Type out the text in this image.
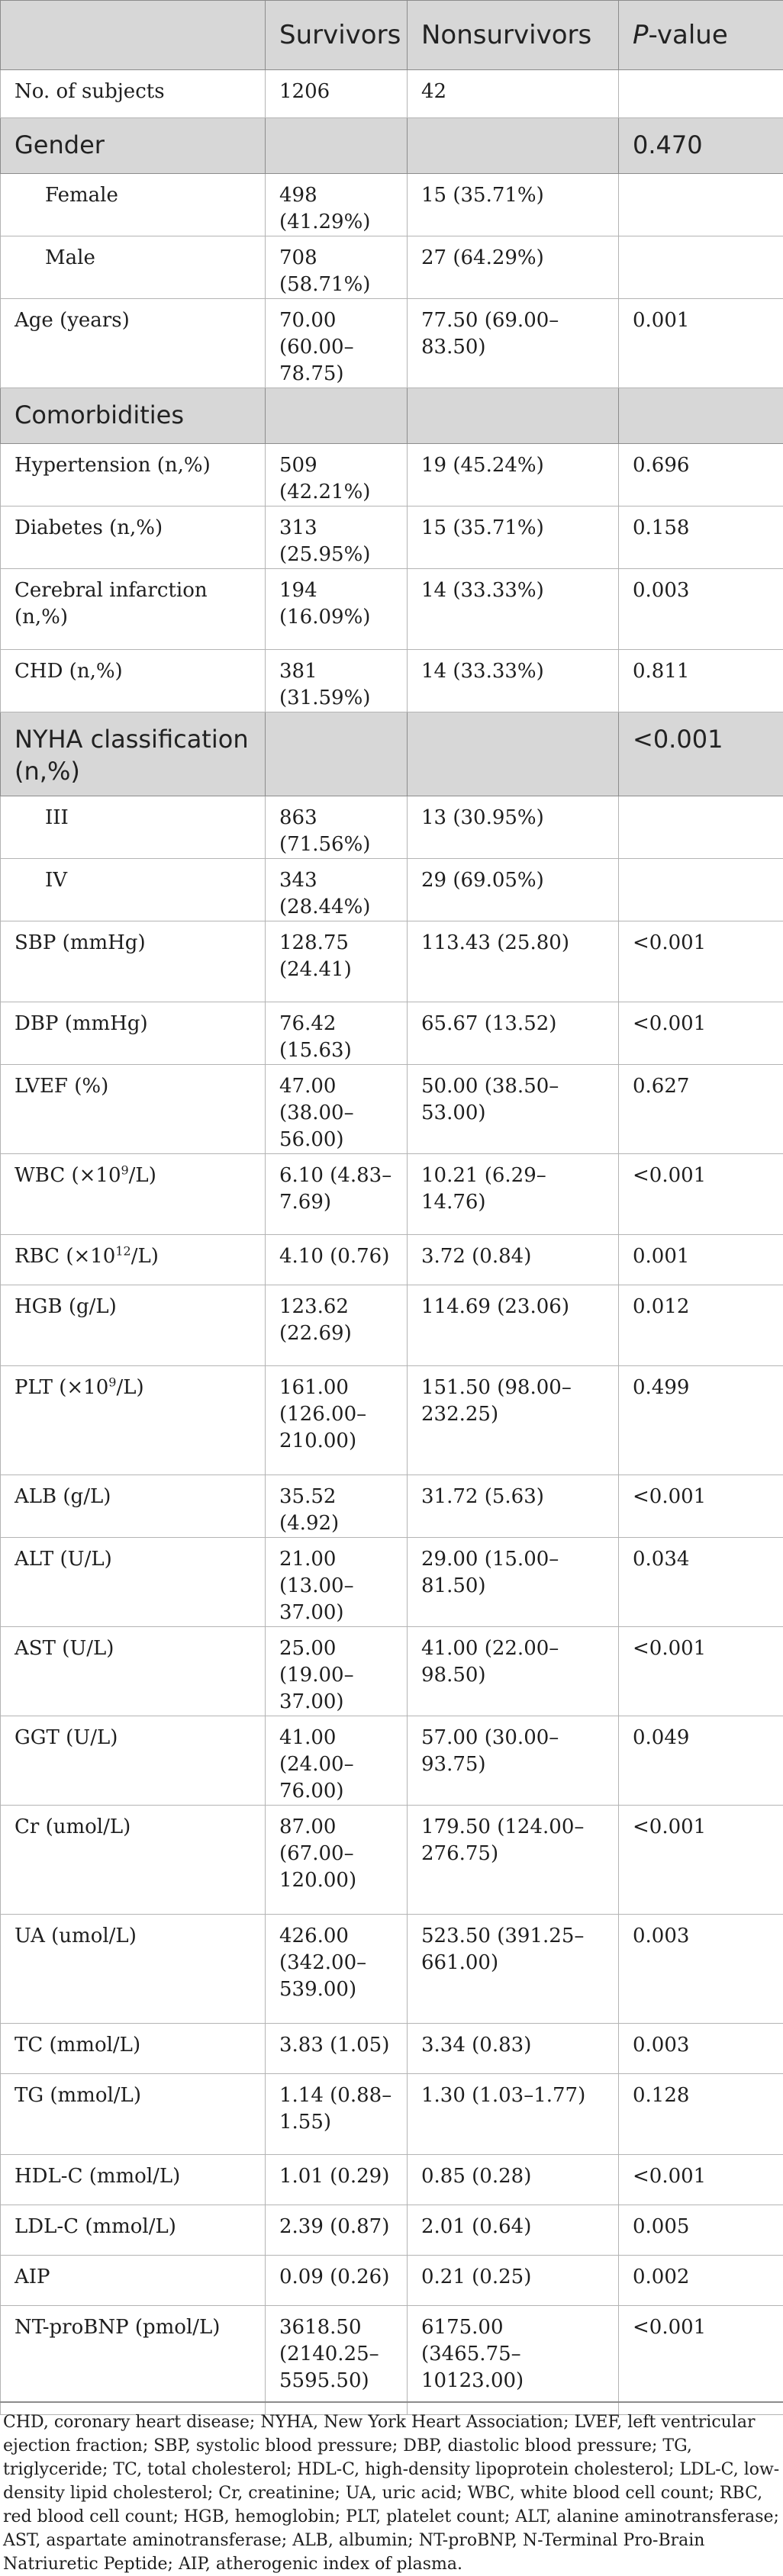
	Survivors	Nonsurvivors	P-value
No. of subjects	1206	42	
Gender			0.470
Female	498 (41.29%)	15 (35.71%)	
Male	708 (58.71%)	27 (64.29%)	
Age (years)	70.00 (60.00–78.75)	77.50 (69.00–83.50)	0.001
Comorbidities			
Hypertension (n,%)	509 (42.21%)	19 (45.24%)	0.696
Diabetes (n,%)	313 (25.95%)	15 (35.71%)	0.158
Cerebral infarction (n,%)	194 (16.09%)	14 (33.33%)	0.003
CHD (n,%)	381 (31.59%)	14 (33.33%)	0.811
NYHA classification (n,%)			<0.001
III	863 (71.56%)	13 (30.95%)	
IV	343 (28.44%)	29 (69.05%)	
SBP (mmHg)	128.75 (24.41)	113.43 (25.80)	<0.001
DBP (mmHg)	76.42 (15.63)	65.67 (13.52)	<0.001
LVEF (%)	47.00 (38.00–56.00)	50.00 (38.50–53.00)	0.627
WBC $(\times 10^9/L)$	6.10 (4.83–7.69)	10.21 (6.29–14.76)	<0.001
RBC $(\times 10^{12}/L)$	4.10 (0.76)	3.72 (0.84)	0.001
HGB (g/L)	123.62 (22.69)	114.69 (23.06)	0.012
PLT $(\times 10^9/L)$	161.00 (126.00–210.00)	151.50 (98.00–232.25)	0.499
ALB (g/L)	35.52 (4.92)	31.72 (5.63)	<0.001
ALT (U/L)	21.00 (13.00–37.00)	29.00 (15.00–81.50)	0.034
AST (U/L)	25.00 (19.00–37.00)	41.00 (22.00–98.50)	<0.001
GGT (U/L)	41.00 (24.00–76.00)	57.00 (30.00–93.75)	0.049
Cr (umol/L)	87.00 (67.00–120.00)	179.50 (124.00–276.75)	<0.001
UA (umol/L)	426.00 (342.00–539.00)	523.50 (391.25–661.00)	0.003
TC (mmol/L)	3.83 (1.05)	3.34 (0.83)	0.003
TG (mmol/L)	1.14 (0.88–1.55)	1.30 (1.03–1.77)	0.128
HDL-C (mmol/L)	1.01 (0.29)	0.85 (0.28)	<0.001
LDL-C (mmol/L)	2.39 (0.87)	2.01 (0.64)	0.005
AIP	0.09 (0.26)	0.21 (0.25)	0.002
NT-proBNP (pmol/L)	3618.50 (2140.25–5595.50)	6175.00 (3465.75–10123.00)	<0.001
CHD, coronary heart disease; NYHA, New York Heart Association; LVEF, left ventricular ejection fraction; SBP, systolic blood pressure; DBP, diastolic blood pressure; TG, triglyceride; TC, total cholesterol; HDL-C, high-density lipoprotein cholesterol; LDL-C, low-density lipid cholesterol; Cr, creatinine; UA, uric acid; WBC, white blood cell count; RBC, red blood cell count; HGB, hemoglobin; PLT, platelet count; ALT, alanine aminotransferase; AST, aspartate aminotransferase; ALB, albumin; NT-proBNP, N-Terminal Pro-Brain Natriuretic Peptide; AIP, atherogenic index of plasma.
